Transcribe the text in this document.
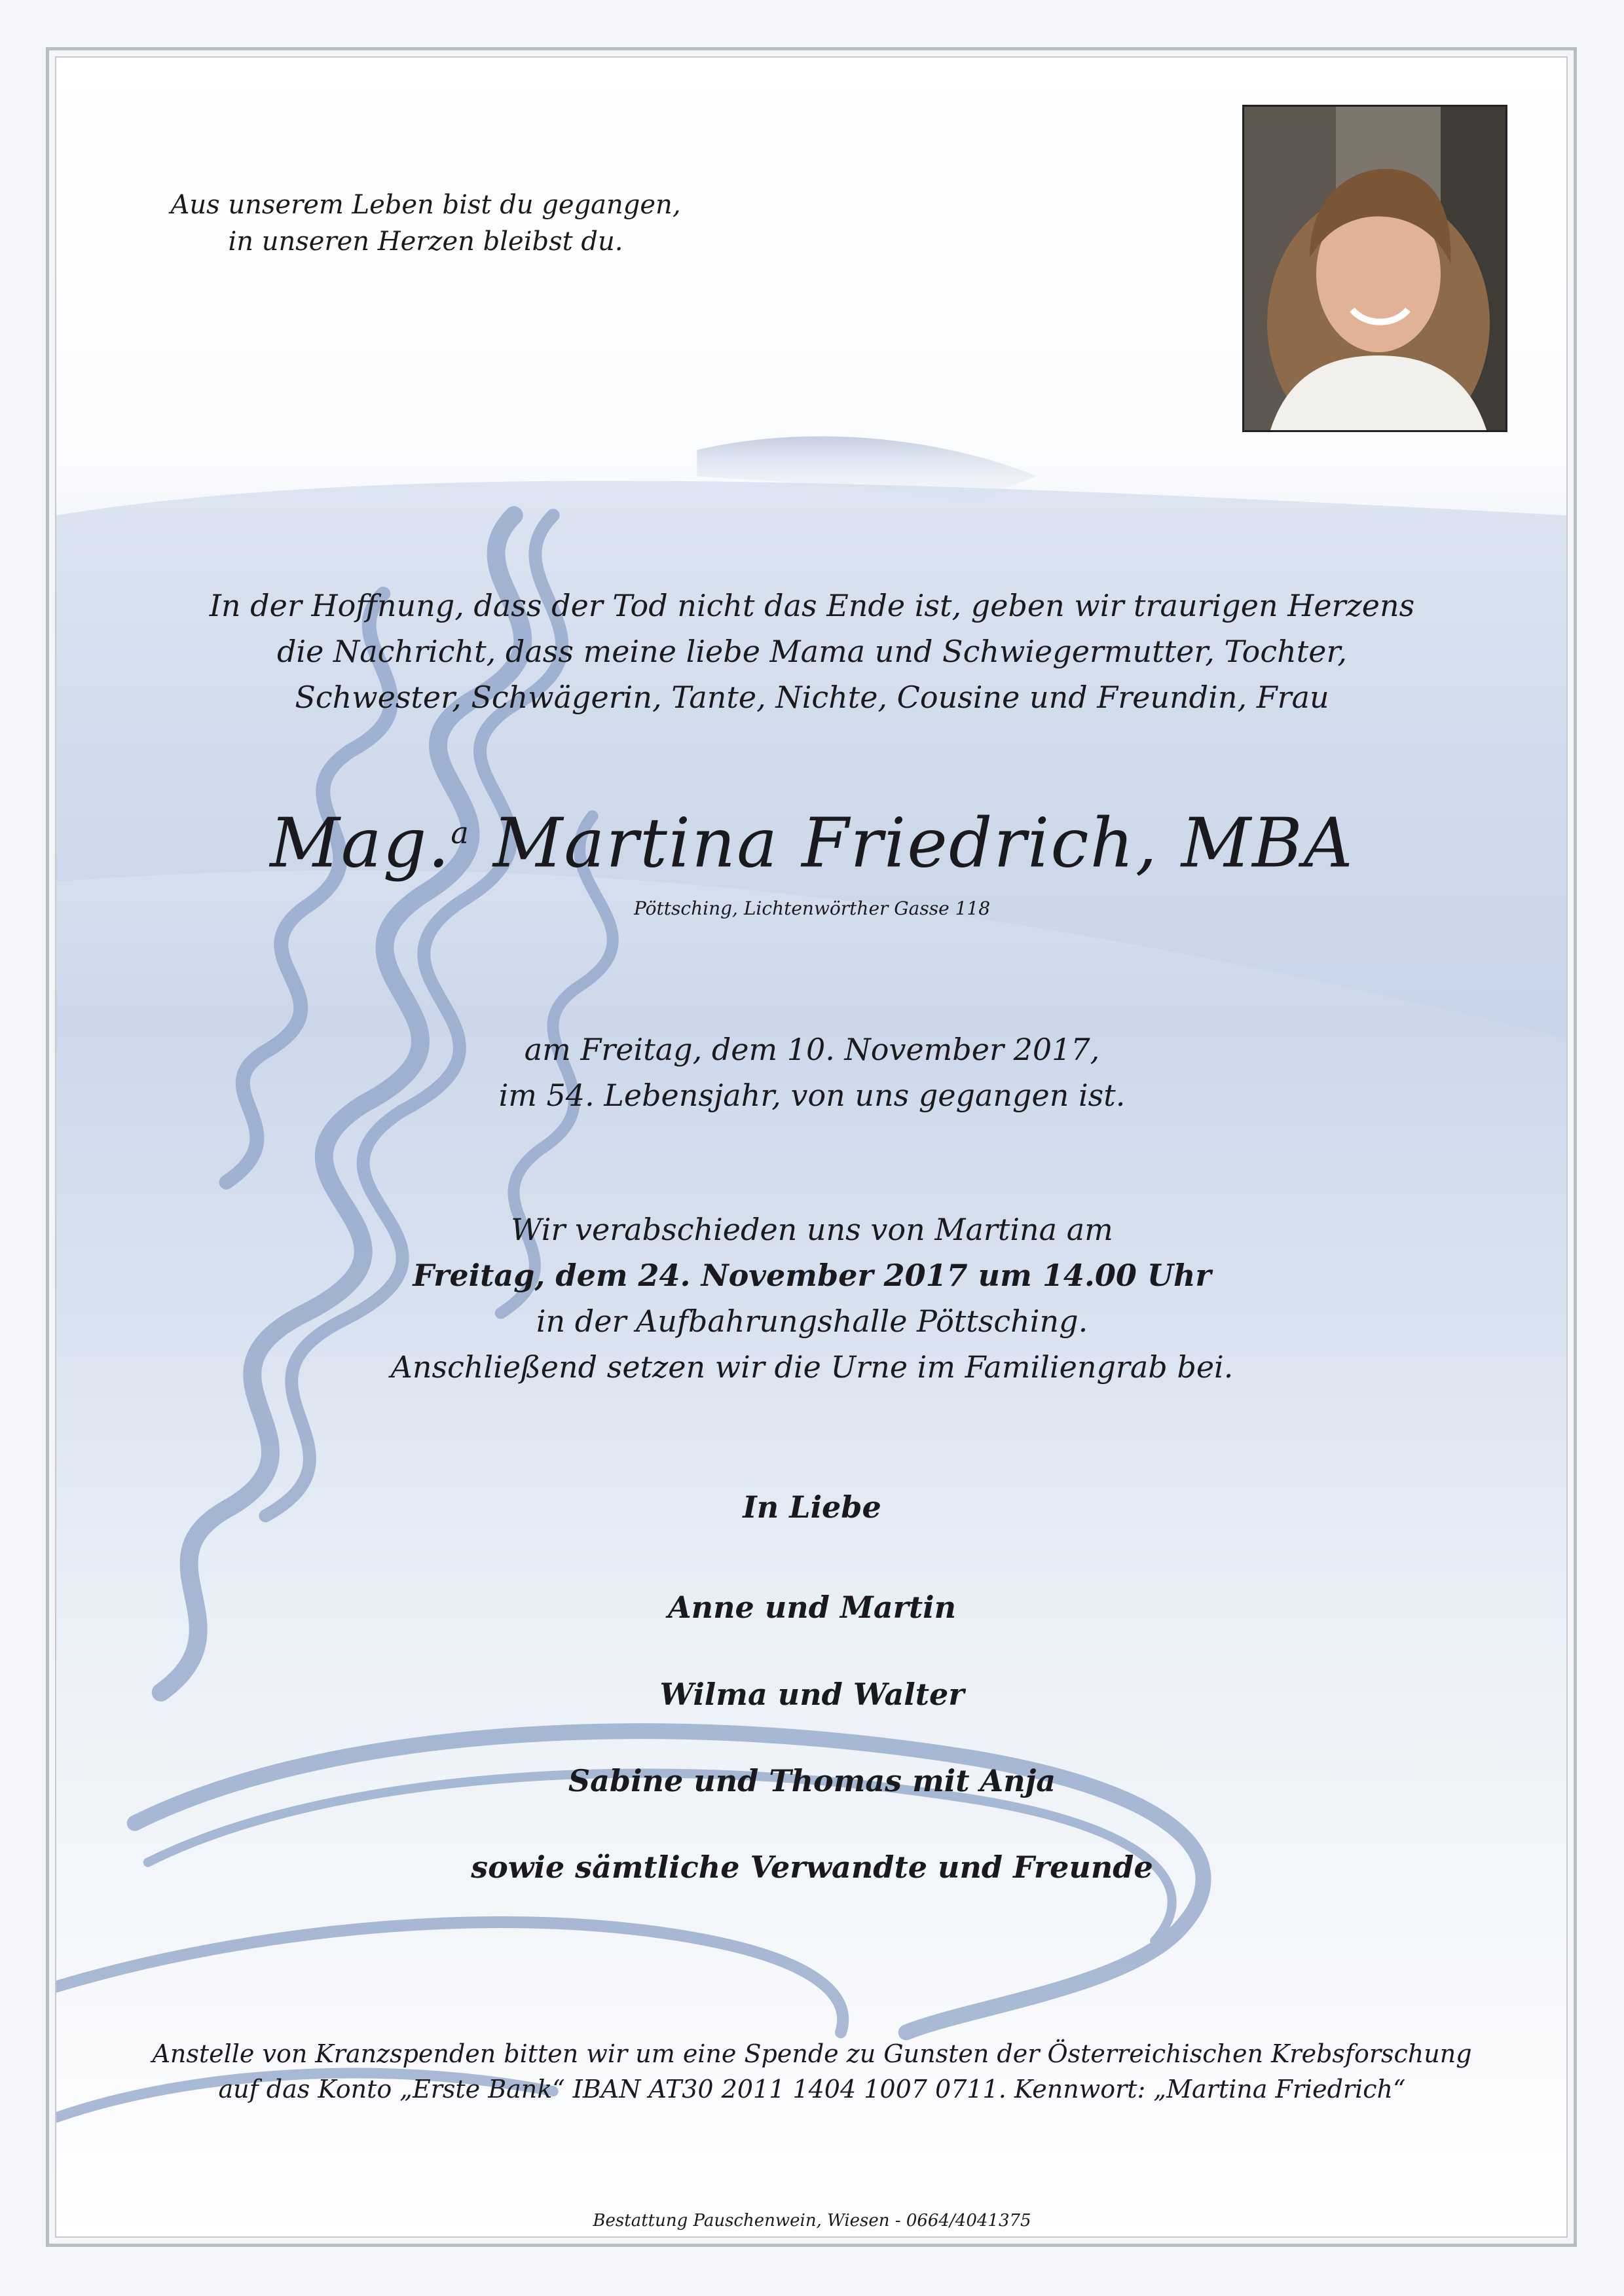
Aus unserem Leben bist du gegangen,
in unseren Herzen bleibst du.
In der Hoffnung, dass der Tod nicht das Ende ist, geben wir traurigen Herzens
die Nachricht, dass meine liebe Mama und Schwiegermutter, Tochter,
Schwester, Schwägerin, Tante, Nichte, Cousine und Freundin, Frau
Mag.$^a$ Martina Friedrich, MBA
Pöttsching, Lichtenwörther Gasse 118
am Freitag, dem 10. November 2017,
im 54. Lebensjahr, von uns gegangen ist.
Wir verabschieden uns von Martina am
Freitag, dem 24. November 2017 um 14.00 Uhr
in der Aufbahrungshalle Pöttsching.
Anschließend setzen wir die Urne im Familiengrab bei.
In Liebe
Anne und Martin
Wilma und Walter
Sabine und Thomas mit Anja
sowie sämtliche Verwandte und Freunde
Anstelle von Kranzspenden bitten wir um eine Spende zu Gunsten der Österreichischen Krebsforschung
auf das Konto „Erste Bank“ IBAN AT30 2011 1404 1007 0711. Kennwort: „Martina Friedrich“
Bestattung Pauschenwein, Wiesen - 0664/4041375
